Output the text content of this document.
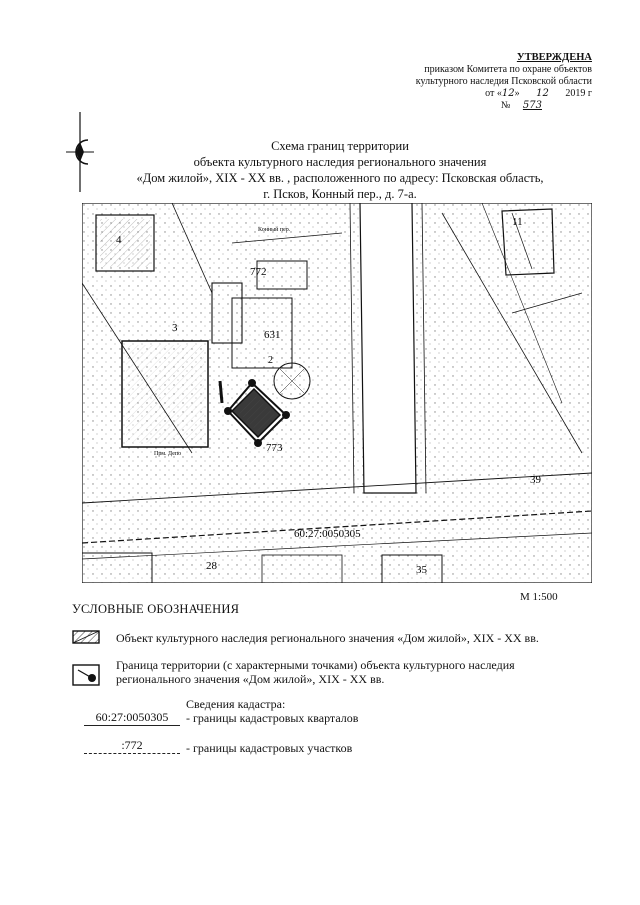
УТВЕРЖДЕНА
приказом Комитета по охране объектов
культурного наследия Псковской области
от «12» 12 2019 г
№ 573
Схема границ территории
объекта культурного наследия регионального значения
«Дом жилой», XIX - XX вв. , расположенного по адресу: Псковская область,
г. Псков, Конный пер., д. 7-а.
772
631
773
2
3
4
11
39
28	35
60:27:0050305
Конный пер.
Прм. Депо
М 1:500
УСЛОВНЫЕ ОБОЗНАЧЕНИЯ
Объект культурного наследия регионального значения «Дом жилой», XIX - XX вв.
Граница территории (с характерными точками) объекта культурного наследия
регионального значения «Дом жилой», XIX - XX вв.
Сведения кадастра:
60:27:0050305	- границы кадастровых кварталов
:772	- границы кадастровых участков
